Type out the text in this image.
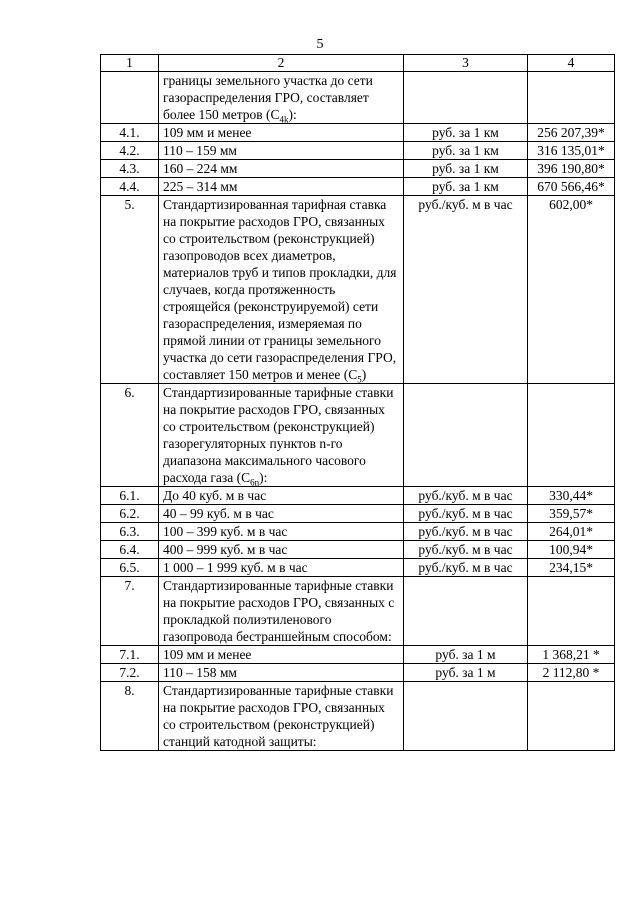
5
1	2	3	4
	границы земельного участка до сети газораспределения ГРО, составляет более 150 метров $(С_{4k})$:		
4.1.	109 мм и менее	руб. за 1 км	256 207,39*
4.2.	110 – 159 мм	руб. за 1 км	316 135,01*
4.3.	160 – 224 мм	руб. за 1 км	396 190,80*
4.4.	225 – 314 мм	руб. за 1 км	670 566,46*
5.	Стандартизированная тарифная ставка на покрытие расходов ГРО, связанных со строительством (реконструкцией) газопроводов всех диаметров, материалов труб и типов прокладки, для случаев, когда протяженность строящейся (реконструируемой) сети газораспределения, измеряемая по прямой линии от границы земельного участка до сети газораспределения ГРО, составляет 150 метров и менее $(С_5)$	руб./куб. м в час	602,00*
6.	Стандартизированные тарифные ставки на покрытие расходов ГРО, связанных со строительством (реконструкцией) газорегуляторных пунктов n-го диапазона максимального часового расхода газа $(С_{6n})$:		
6.1.	До 40 куб. м в час	руб./куб. м в час	330,44*
6.2.	40 – 99 куб. м в час	руб./куб. м в час	359,57*
6.3.	100 – 399 куб. м в час	руб./куб. м в час	264,01*
6.4.	400 – 999 куб. м в час	руб./куб. м в час	100,94*
6.5.	1 000 – 1 999 куб. м в час	руб./куб. м в час	234,15*
7.	Стандартизированные тарифные ставки на покрытие расходов ГРО, связанных с прокладкой полиэтиленового газопровода бестраншейным способом:		
7.1.	109 мм и менее	руб. за 1 м	1 368,21 *
7.2.	110 – 158 мм	руб. за 1 м	2 112,80 *
8.	Стандартизированные тарифные ставки на покрытие расходов ГРО, связанных со строительством (реконструкцией) станций катодной защиты:		
